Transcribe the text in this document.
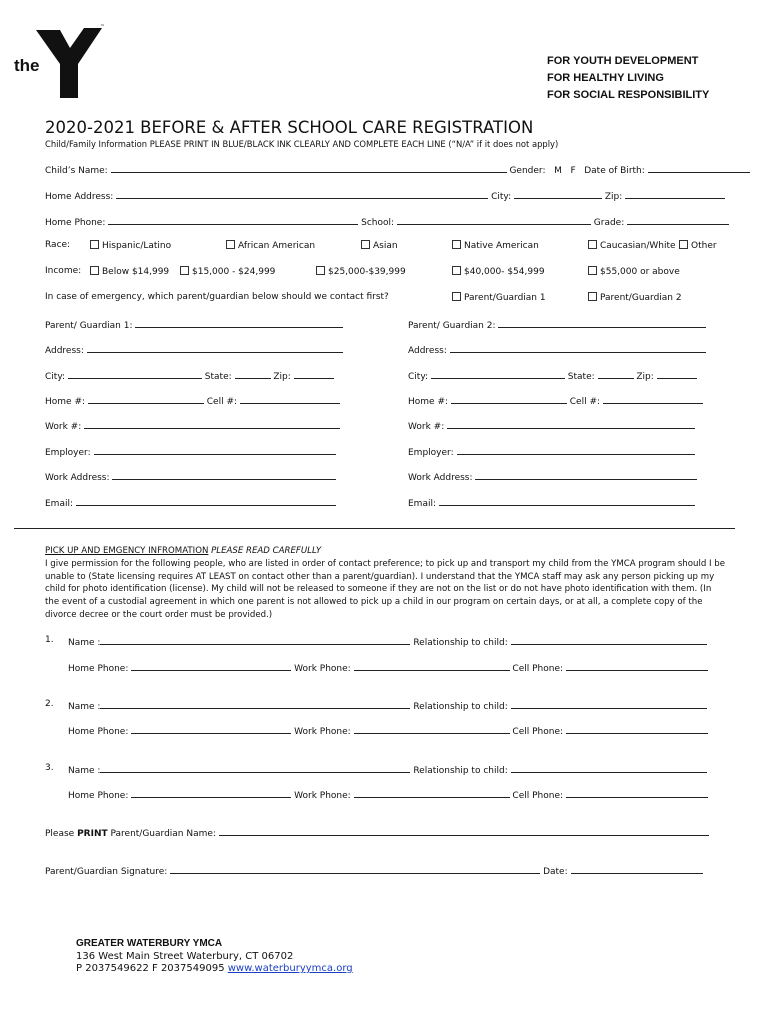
YMCA
the
™
FOR YOUTH DEVELOPMENT
FOR HEALTHY LIVING
FOR SOCIAL RESPONSIBILITY
2020-2021 BEFORE & AFTER SCHOOL CARE REGISTRATION
Child/Family Information PLEASE PRINT IN BLUE/BLACK INK CLEARLY AND COMPLETE EACH LINE (“N/A” if it does not apply)
Child’s Name:	Gender: M F Date of Birth:
Home Address:	City:	Zip:
Home Phone:	School:	Grade:
Race:	Hispanic/Latino	African American	Asian	Native American	Caucasian/White	Other
Income:	Below $14,999	$15,000 - $24,999	$25,000-$39,999	$40,000- $54,999	$55,000 or above
In case of emergency, which parent/guardian below should we contact first?	Parent/Guardian 1	Parent/Guardian 2
Parent/ Guardian 1:
Address:
City:	State:	Zip:
Home #:	Cell #:
Work #:
Employer:
Work Address:
Email:
Parent/ Guardian 2:
Address:
City:	State:	Zip:
Home #:	Cell #:
Work #:
Employer:
Work Address:
Email:
PICK UP AND EMGENCY INFROMATION PLEASE READ CAREFULLY
I give permission for the following people, who are listed in order of contact preference; to pick up and transport my child from the YMCA program should I be
unable to (State licensing requires AT LEAST on contact other than a parent/guardian). I understand that the YMCA staff may ask any person picking up my
child for photo identification (license). My child will not be released to someone if they are not on the list or do not have photo identification with them. (In
the event of a custodial agreement in which one parent is not allowed to pick up a child in our program on certain days, or at all, a complete copy of the
divorce decree or the court order must be provided.)
1. Name :	Relationship to child:
Home Phone:	Work Phone:	Cell Phone:
2. Name :	Relationship to child:
Home Phone:	Work Phone:	Cell Phone:
3. Name :	Relationship to child:
Home Phone:	Work Phone:	Cell Phone:
Please PRINT Parent/Guardian Name:
Parent/Guardian Signature:	Date:
GREATER WATERBURY YMCA
136 West Main Street Waterbury, CT 06702
P 2037549622 F 2037549095 www.waterburyymca.org
